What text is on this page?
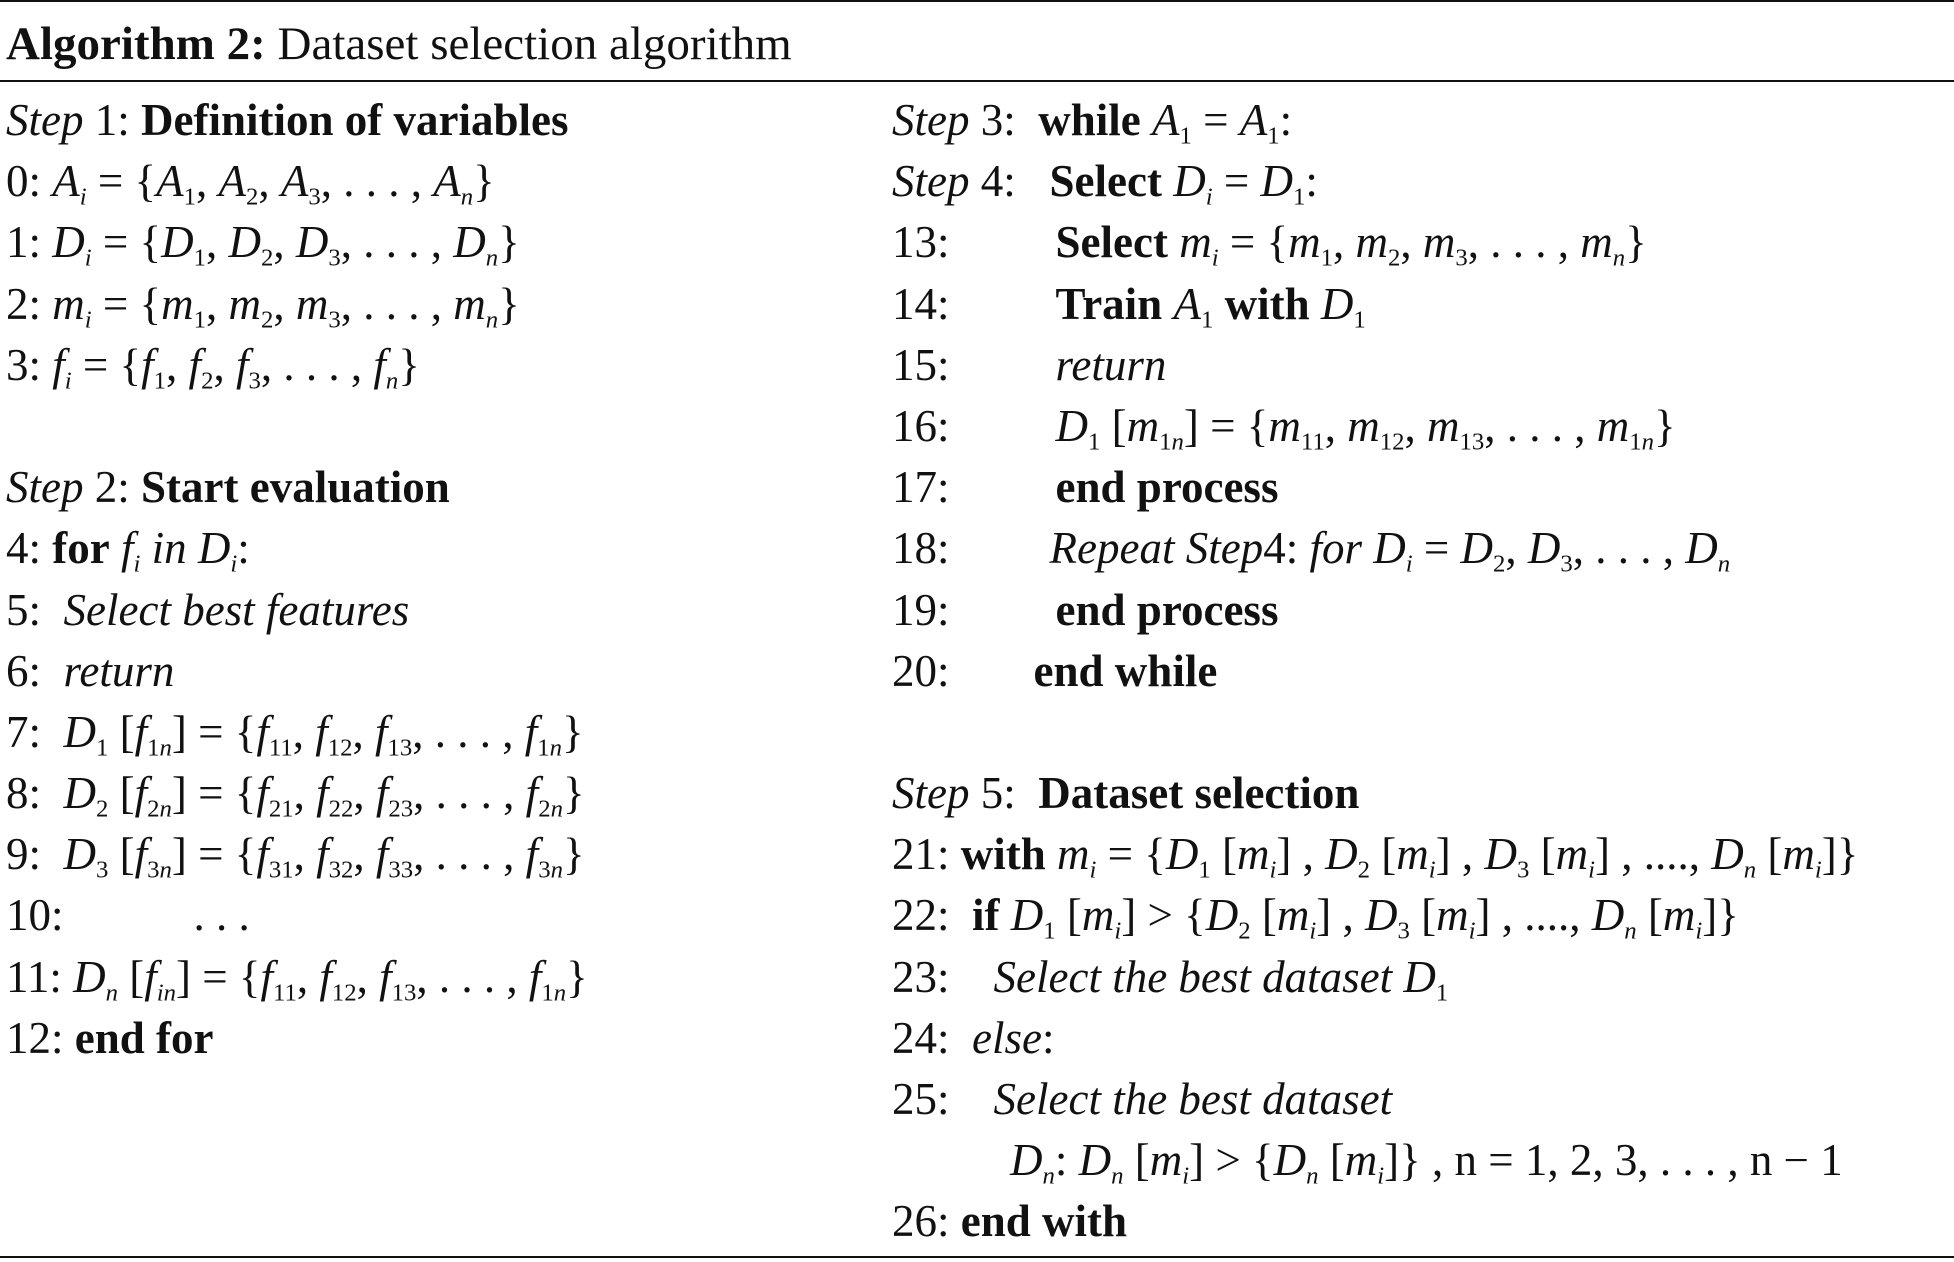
Algorithm 2: Dataset selection algorithm
Step 1: Definition of variables
0: $A_i = \{A_1$, $A_2$, $A_3$, . . . , $A_n$}
1: $D_i = \{D_1$, $D_2$, $D_3$, . . . , $D_n$}
2: $m_i = \{m_1$, $m_2$, $m_3$, . . . , $m_n$}
3: $f_i = \{f_1$, $f_2$, $f_3$, . . . , $f_n$}
Step 2: Start evaluation
4: for $f_i$ in $D_i$:
5: Select best features
6: return
7: $D_1$ $[f_{1n}] = \{f_{11}$, $f_{12}$, $f_{13}$, . . . , $f_{1n}$}
8: $D_2$ $[f_{2n}] = \{f_{21}$, $f_{22}$, $f_{23}$, . . . , $f_{2n}$}
9: $D_3$ $[f_{3n}] = \{f_{31}$, $f_{32}$, $f_{33}$, . . . , $f_{3n}$}
10:	. . .
11: $D_n$ $[f_{in}] = \{f_{11}$, $f_{12}$, $f_{13}$, . . . , $f_{1n}$}
12: end for
Step 3: while $A_1 = A_1$:
Step 4: Select $D_i = D_1$:
13: Select $m_i = \{m_1$, $m_2$, $m_3$, . . . , $m_n$}
14: Train $A_1$ with $D_1$
15: return
16: $D_1$ $[m_{1n}] = \{m_{11}$, $m_{12}$, $m_{13}$, . . . , $m_{1n}$}
17: end process
18: Repeat Step4: for $D_i = D_2$, $D_3$, . . . , $D_n$
19: end process
20: end while
Step 5: Dataset selection
21: with $m_i = \{D_1$ $[m_i]$ , $D_2$ $[m_i]$ , $D_3$ $[m_i]$ , ...., $D_n$ $[m_i]$}
22: if $D_1$ $[m_i] > \{D_2$ $[m_i]$ , $D_3$ $[m_i]$ , ...., $D_n$ $[m_i]$}
23: Select the best dataset $D_1$
24: else:
25: Select the best dataset
$D_n$: $D_n$ $[m_i] > \{D_n$ $[m_i]$} , n = 1, 2, 3, . . . , n − 1
26: end with
